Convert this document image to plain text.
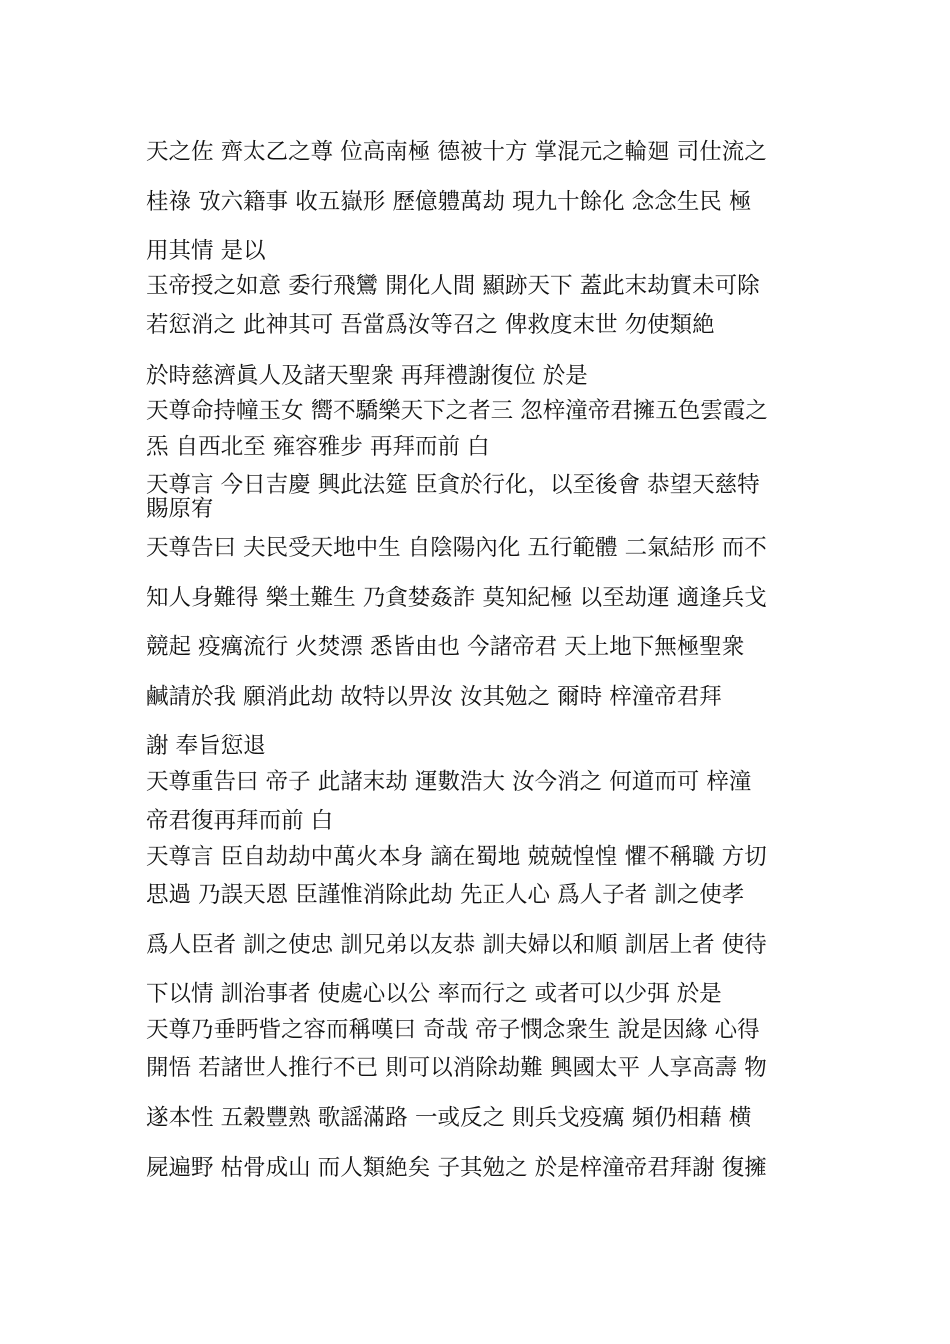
天之佐 齊太乙之尊 位高南極 德被十方 掌混元之輪廻 司仕流之
桂祿 攷六籍事 收五嶽形 歷億軆萬劫 現九十餘化 念念生民 極
用其情 是以
玉帝授之如意 委行飛鸞 開化人間 顯跡天下 蓋此末劫實未可除
若愆消之 此神其可 吾當爲汝等召之 俾救度末世 勿使類絶
於時慈濟眞人及諸天聖衆 再拜禮謝復位 於是
天尊命持幢玉女 嚮不驕樂天下之者三 忽梓潼帝君擁五色雲霞之
炁 自西北至 雍容雅步 再拜而前 白
天尊言 今日吉慶 興此法筵 臣貪於行化，以至後會 恭望天慈特
賜原宥
天尊告曰 夫民受天地中生 自陰陽內化 五行範體 二氣結形 而不
知人身難得 樂土難生 乃貪婪姦詐 莫知紀極 以至劫運 適逢兵戈
競起 疫癘流行 火焚漂 悉皆由也 今諸帝君 天上地下無極聖衆
鹹請於我 願消此劫 故特以畀汝 汝其勉之 爾時 梓潼帝君拜
謝 奉旨愆退
天尊重告曰 帝子 此諸末劫 運數浩大 汝今消之 何道而可 梓潼
帝君復再拜而前 白
天尊言 臣自劫劫中萬火本身 謫在蜀地 兢兢惶惶 懼不稱職 方切
思過 乃誤天恩 臣謹惟消除此劫 先正人心 爲人子者 訓之使孝
爲人臣者 訓之使忠 訓兄弟以友恭 訓夫婦以和順 訓居上者 使待
下以情 訓治事者 使處心以公 率而行之 或者可以少弭 於是
天尊乃垂眄眥之容而稱嘆曰 奇哉 帝子憫念衆生 說是因緣 心得
開悟 若諸世人推行不已 則可以消除劫難 興國太平 人享高壽 物
遂本性 五穀豐熟 歌謡滿路 一或反之 則兵戈疫癘 頻仍相藉 横
屍遍野 枯骨成山 而人類絶矣 子其勉之 於是梓潼帝君拜謝 復擁
